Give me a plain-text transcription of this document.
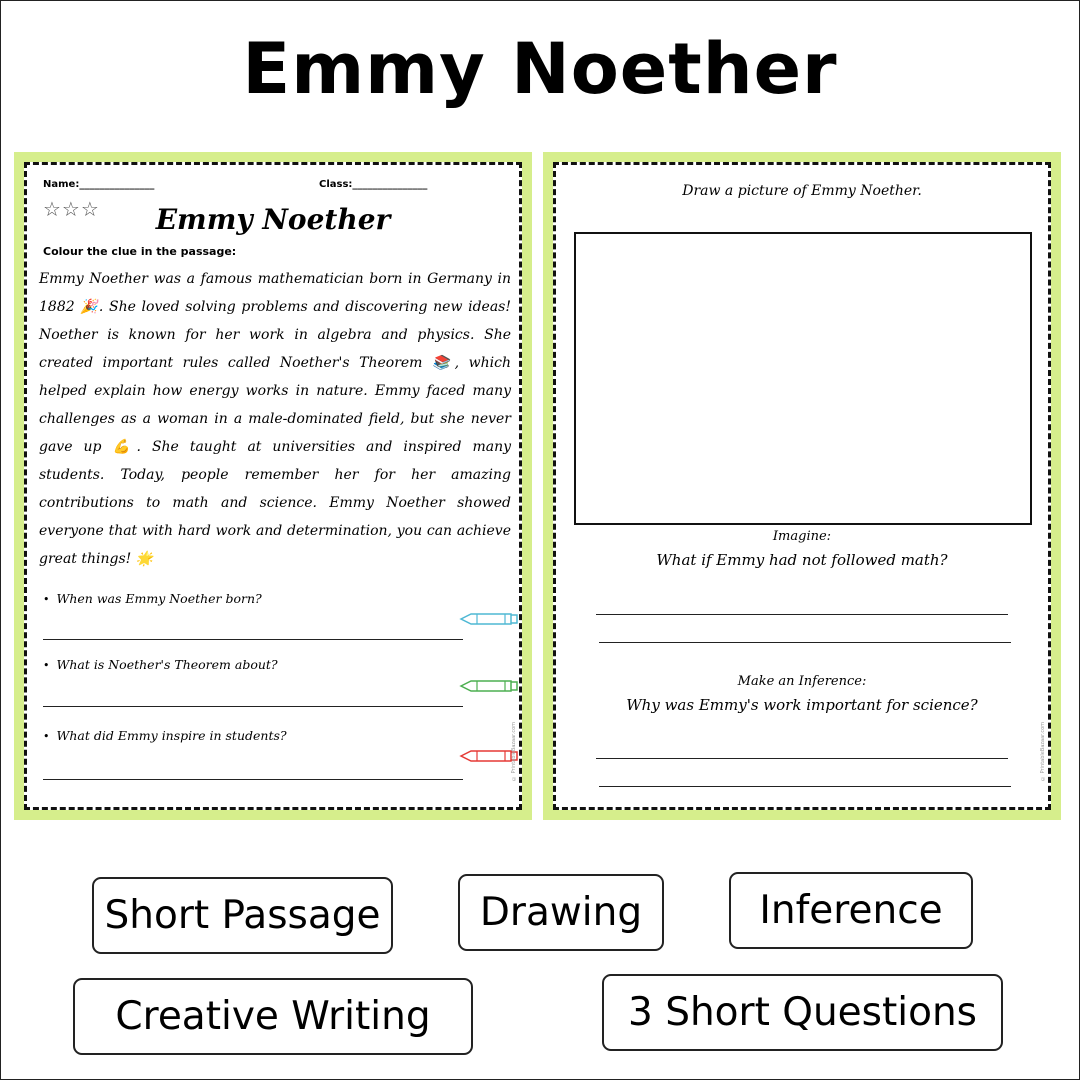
Emmy Noether
Name:_______________	Class:_______________
☆☆☆	Emmy Noether
Colour the clue in the passage:
Emmy Noether was a famous mathematician born in Germany in 1882 🎉. She loved solving problems and discovering new ideas! Noether is known for her work in algebra and physics. She created important rules called Noether's Theorem 📚, which helped explain how energy works in nature. Emmy faced many challenges as a woman in a male-dominated field, but she never gave up 💪. She taught at universities and inspired many students. Today, people remember her for her amazing contributions to math and science. Emmy Noether showed everyone that with hard work and determination, you can achieve great things! 🌟
• When was Emmy Noether born?
• What is Noether's Theorem about?
• What did Emmy inspire in students?	© PrintableBazaar.com
Draw a picture of Emmy Noether.
Imagine:
What if Emmy had not followed math?
Make an Inference:
Why was Emmy's work important for science?
© PrintableBazaar.com
Short Passage	Drawing	Inference
Creative Writing	3 Short Questions
